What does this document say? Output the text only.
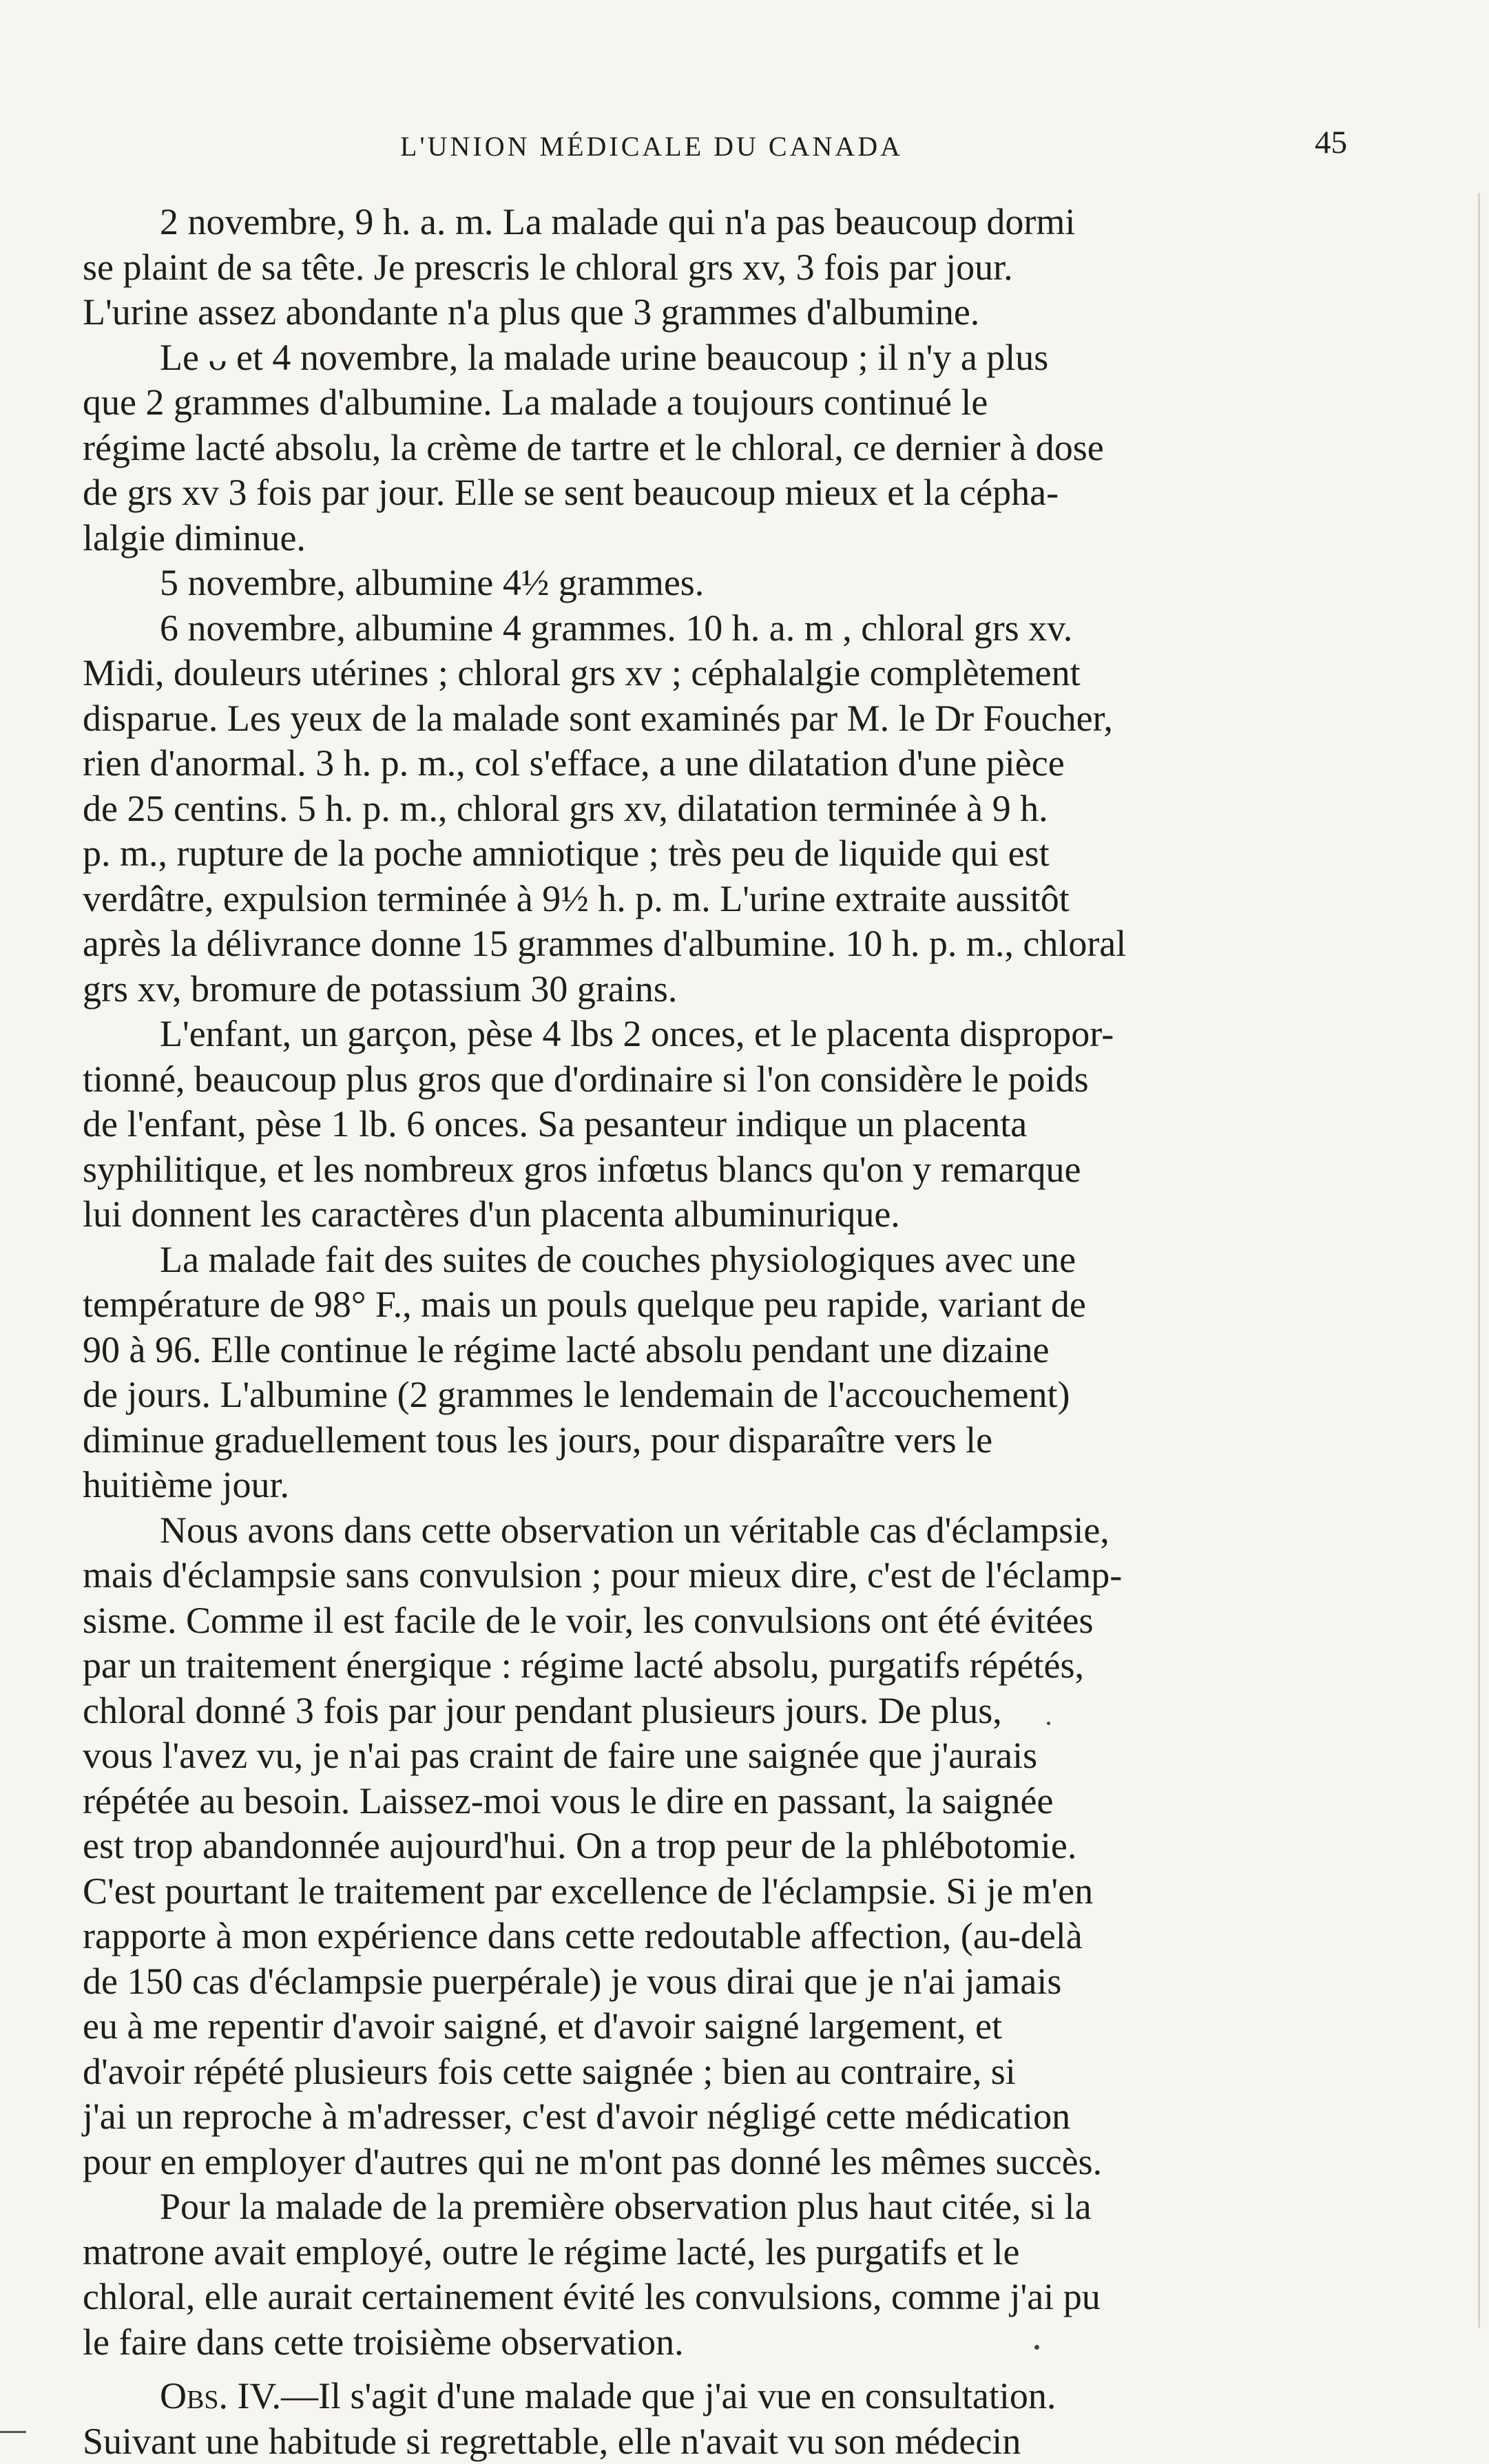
L'UNION MÉDICALE DU CANADA	45

2 novembre, 9 h. a. m. La malade qui n'a pas beaucoup dormi
se plaint de sa tête. Je prescris le chloral grs xv, 3 fois par jour.
L'urine assez abondante n'a plus que 3 grammes d'albumine.

Le ᴗ et 4 novembre, la malade urine beaucoup ; il n'y a plus
que 2 grammes d'albumine. La malade a toujours continué le
régime lacté absolu, la crème de tartre et le chloral, ce dernier à dose
de grs xv 3 fois par jour. Elle se sent beaucoup mieux et la cépha-
lalgie diminue.

5 novembre, albumine 4½ grammes.

6 novembre, albumine 4 grammes. 10 h. a. m , chloral grs xv.
Midi, douleurs utérines ; chloral grs xv ; céphalalgie complètement
disparue. Les yeux de la malade sont examinés par M. le Dr Foucher,
rien d'anormal. 3 h. p. m., col s'efface, a une dilatation d'une pièce
de 25 centins. 5 h. p. m., chloral grs xv, dilatation terminée à 9 h.
p. m., rupture de la poche amniotique ; très peu de liquide qui est
verdâtre, expulsion terminée à 9½ h. p. m. L'urine extraite aussitôt
après la délivrance donne 15 grammes d'albumine. 10 h. p. m., chloral
grs xv, bromure de potassium 30 grains.

L'enfant, un garçon, pèse 4 lbs 2 onces, et le placenta dispropor-
tionné, beaucoup plus gros que d'ordinaire si l'on considère le poids
de l'enfant, pèse 1 lb. 6 onces. Sa pesanteur indique un placenta
syphilitique, et les nombreux gros infœtus blancs qu'on y remarque
lui donnent les caractères d'un placenta albuminurique.

La malade fait des suites de couches physiologiques avec une
température de 98° F., mais un pouls quelque peu rapide, variant de
90 à 96. Elle continue le régime lacté absolu pendant une dizaine
de jours. L'albumine (2 grammes le lendemain de l'accouchement)
diminue graduellement tous les jours, pour disparaître vers le
huitième jour.

Nous avons dans cette observation un véritable cas d'éclampsie,
mais d'éclampsie sans convulsion ; pour mieux dire, c'est de l'éclamp-
sisme. Comme il est facile de le voir, les convulsions ont été évitées
par un traitement énergique : régime lacté absolu, purgatifs répétés,
chloral donné 3 fois par jour pendant plusieurs jours. De plus,
vous l'avez vu, je n'ai pas craint de faire une saignée que j'aurais
répétée au besoin. Laissez-moi vous le dire en passant, la saignée
est trop abandonnée aujourd'hui. On a trop peur de la phlébotomie.
C'est pourtant le traitement par excellence de l'éclampsie. Si je m'en
rapporte à mon expérience dans cette redoutable affection, (au-delà
de 150 cas d'éclampsie puerpérale) je vous dirai que je n'ai jamais
eu à me repentir d'avoir saigné, et d'avoir saigné largement, et
d'avoir répété plusieurs fois cette saignée ; bien au contraire, si
j'ai un reproche à m'adresser, c'est d'avoir négligé cette médication
pour en employer d'autres qui ne m'ont pas donné les mêmes succès.

Pour la malade de la première observation plus haut citée, si la
matrone avait employé, outre le régime lacté, les purgatifs et le
chloral, elle aurait certainement évité les convulsions, comme j'ai pu
le faire dans cette troisième observation.

Obs. IV.—Il s'agit d'une malade que j'ai vue en consultation.
Suivant une habitude si regrettable, elle n'avait vu son médecin
